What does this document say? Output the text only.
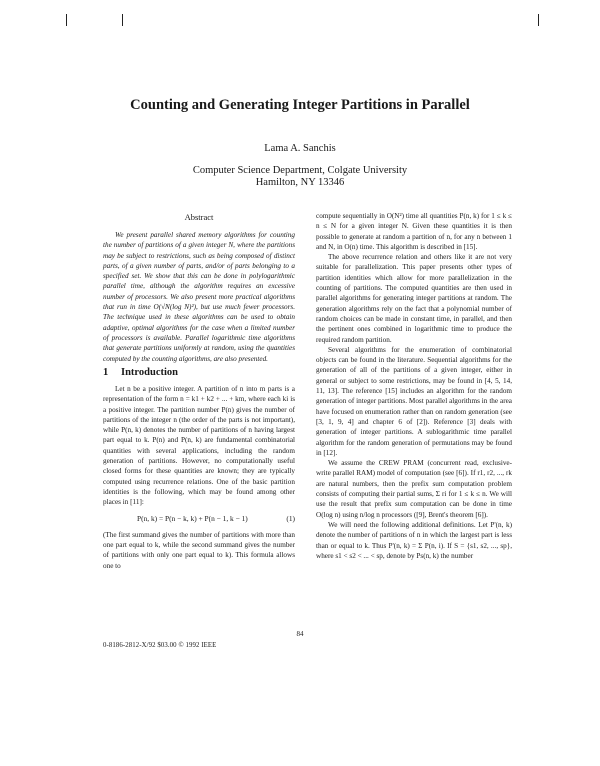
Counting and Generating Integer Partitions in Parallel
Lama A. Sanchis
Computer Science Department, Colgate University
Hamilton, NY 13346
Abstract

We present parallel shared memory algorithms for counting the number of partitions of a given integer N, where the partitions may be subject to restrictions, such as being composed of distinct parts, of a given number of parts, and/or of parts belonging to a specified set. We show that this can be done in polylogarithmic parallel time, although the algorithm requires an excessive number of processors. We also present more practical algorithms that run in time O(√N(log N)²), but use much fewer processors. The technique used in these algorithms can be used to obtain adaptive, optimal algorithms for the case when a limited number of processors is available. Parallel logarithmic time algorithms that generate partitions uniformly at random, using the quantities computed by the counting algorithms, are also presented.

1 Introduction

Let n be a positive integer. A partition of n into m parts is a representation of the form n = k1 + k2 + ... + km, where each ki is a positive integer. The partition number P(n) gives the number of partitions of the integer n (the order of the parts is not important), while P(n, k) denotes the number of partitions of n having largest part equal to k. P(n) and P(n, k) are fundamental combinatorial quantities with several applications, including the random generation of partitions. However, no computationally useful closed forms for these quantities are known; they are typically computed using recurrence relations. One of the basic partition identities is the following, which may be found among other places in [11]:

P(n, k) = P(n − k, k) + P(n − 1, k − 1)	(1)

(The first summand gives the number of partitions with more than one part equal to k, while the second summand gives the number of partitions with only one part equal to k). This formula allows one to

compute sequentially in O(N²) time all quantities P(n, k) for 1 ≤ k ≤ n ≤ N for a given integer N. Given these quantities it is then possible to generate at random a partition of n, for any n between 1 and N, in O(n) time. This algorithm is described in [15].

The above recurrence relation and others like it are not very suitable for parallelization. This paper presents other types of partition identities which allow for more parallelization in the counting of partitions. The computed quantities are then used in parallel algorithms for generating integer partitions at random. The generation algorithms rely on the fact that a polynomial number of random choices can be made in constant time, in parallel, and then the pertinent ones combined in logarithmic time to produce the required random partition.

Several algorithms for the enumeration of combinatorial objects can be found in the literature. Sequential algorithms for the generation of all of the partitions of a given integer, either in general or subject to some restrictions, may be found in [4, 5, 14, 11, 13]. The reference [15] includes an algorithm for the random generation of integer partitions. Most parallel algorithms in the area have focused on enumeration rather than on random generation (see [3, 1, 9, 4] and chapter 6 of [2]). Reference [3] deals with generation of integer partitions. A sublogarithmic time parallel algorithm for the random generation of permutations may be found in [12].

We assume the CREW PRAM (concurrent read, exclusive-write parallel RAM) model of computation (see [6]). If r1, r2, ..., rk are natural numbers, then the prefix sum computation problem consists of computing their partial sums, Σ ri for 1 ≤ k ≤ n. We will use the result that prefix sum computation can be done in time O(log n) using n/log n processors ([9], Brent's theorem [6]).

We will need the following additional definitions. Let P'(n, k) denote the number of partitions of n in which the largest part is less than or equal to k. Thus P'(n, k) = Σ P(n, i). If S = {s1, s2, ..., sp}, where s1 < s2 < ... < sp, denote by Ps(n, k) the number

84
0-8186-2812-X/92 $03.00 © 1992 IEEE
